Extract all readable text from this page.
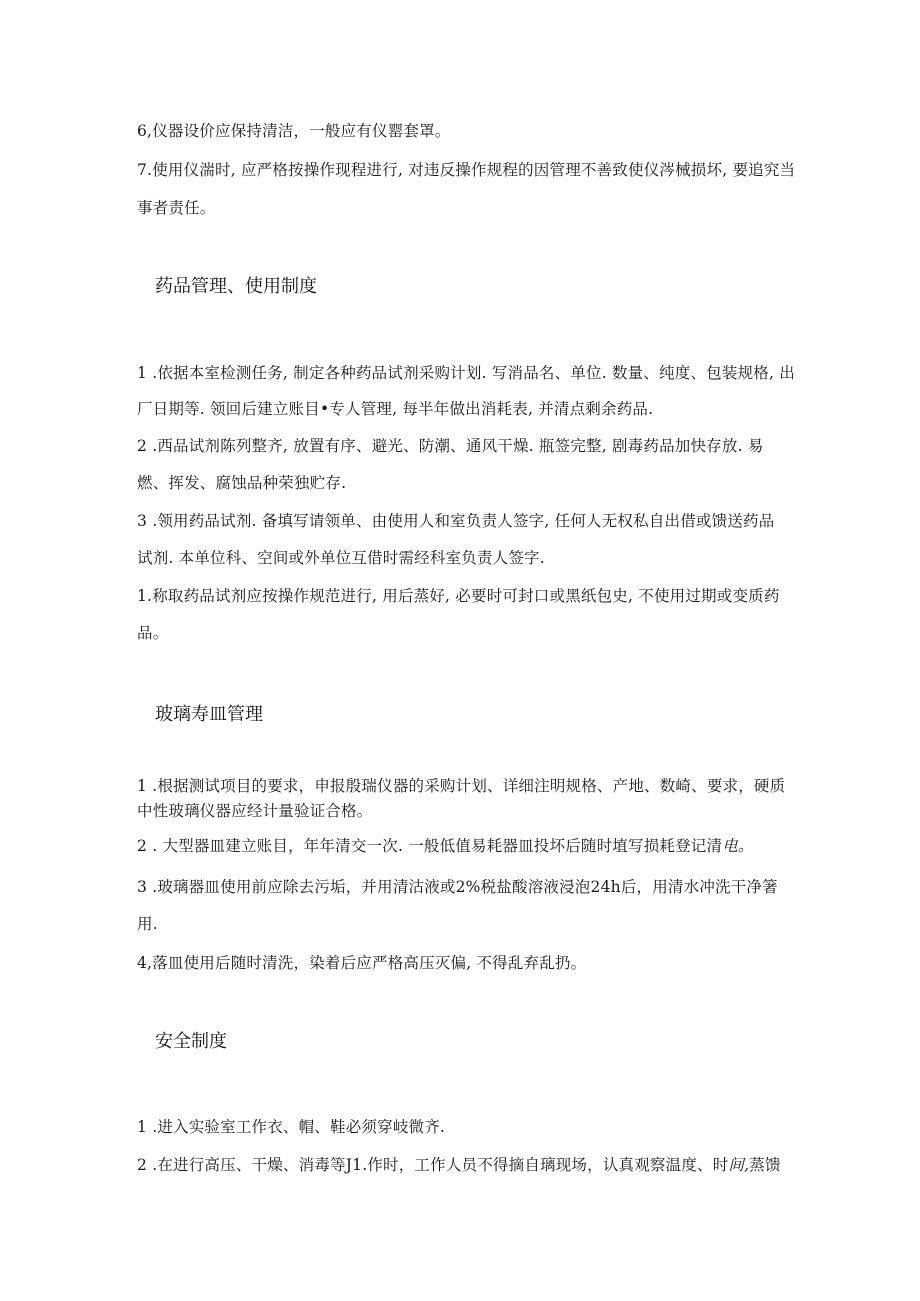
6,仪器设价应保持清洁，一般应有仪罂套罩。
7.使用仪湍时, 应严格按操作现程进行, 对违反操作规程的因管理不善致使仪涔械损坏, 要追究当
事者责任。
药品管理、使用制度
1 .依据本室检测任务, 制定各种药品试剂采购计划. 写消品名、单位. 数量、纯度、包装规格, 出
厂日期等. 领回后建立账目•专人管理, 每半年做出消耗表, 并清点剩余药品.
2 .西品试剂陈列整齐, 放置有序、避光、防潮、通风干燥. 瓶签完整, 剧毒药品加快存放. 易
燃、挥发、腐蚀品种荣独贮存.
3 .领用药品试剂. 备填写请领单、由使用人和室负责人签字, 任何人无权私自出借或馈送药品
试剂. 本单位科、空间或外单位互借时需经科室负责人签字.
1.称取药品试剂应按操作规范进行, 用后蒸好, 必要时可封口或黑纸包史, 不使用过期或变质药
品。
玻璃寿皿管理
1 .根据测试项目的要求，申报殷瑞仪器的采购计划、详细注明规格、产地、数崎、要求，硬质
中性玻璃仪器应经计量验证合格。
2 . 大型器皿建立账目，年年清交一次. 一般低值易耗器皿投坏后随时埴写损耗登记清电。
3 .玻璃器皿使用前应除去污垢，并用清沽液或2%税盐酸溶液浸泡24h后，用清水冲洗干净箸
用.
4,落皿使用后随时清洗，染着后应严格高压灭偏, 不得乱弃乱扔。
安全制度
1 .进入实验室工作衣、帽、鞋必须穿岐微齐.
2 .在进行高压、干燥、消毒等J1.作时，工作人员不得摘自璃现场，认真观察温度、时间,蒸馈
